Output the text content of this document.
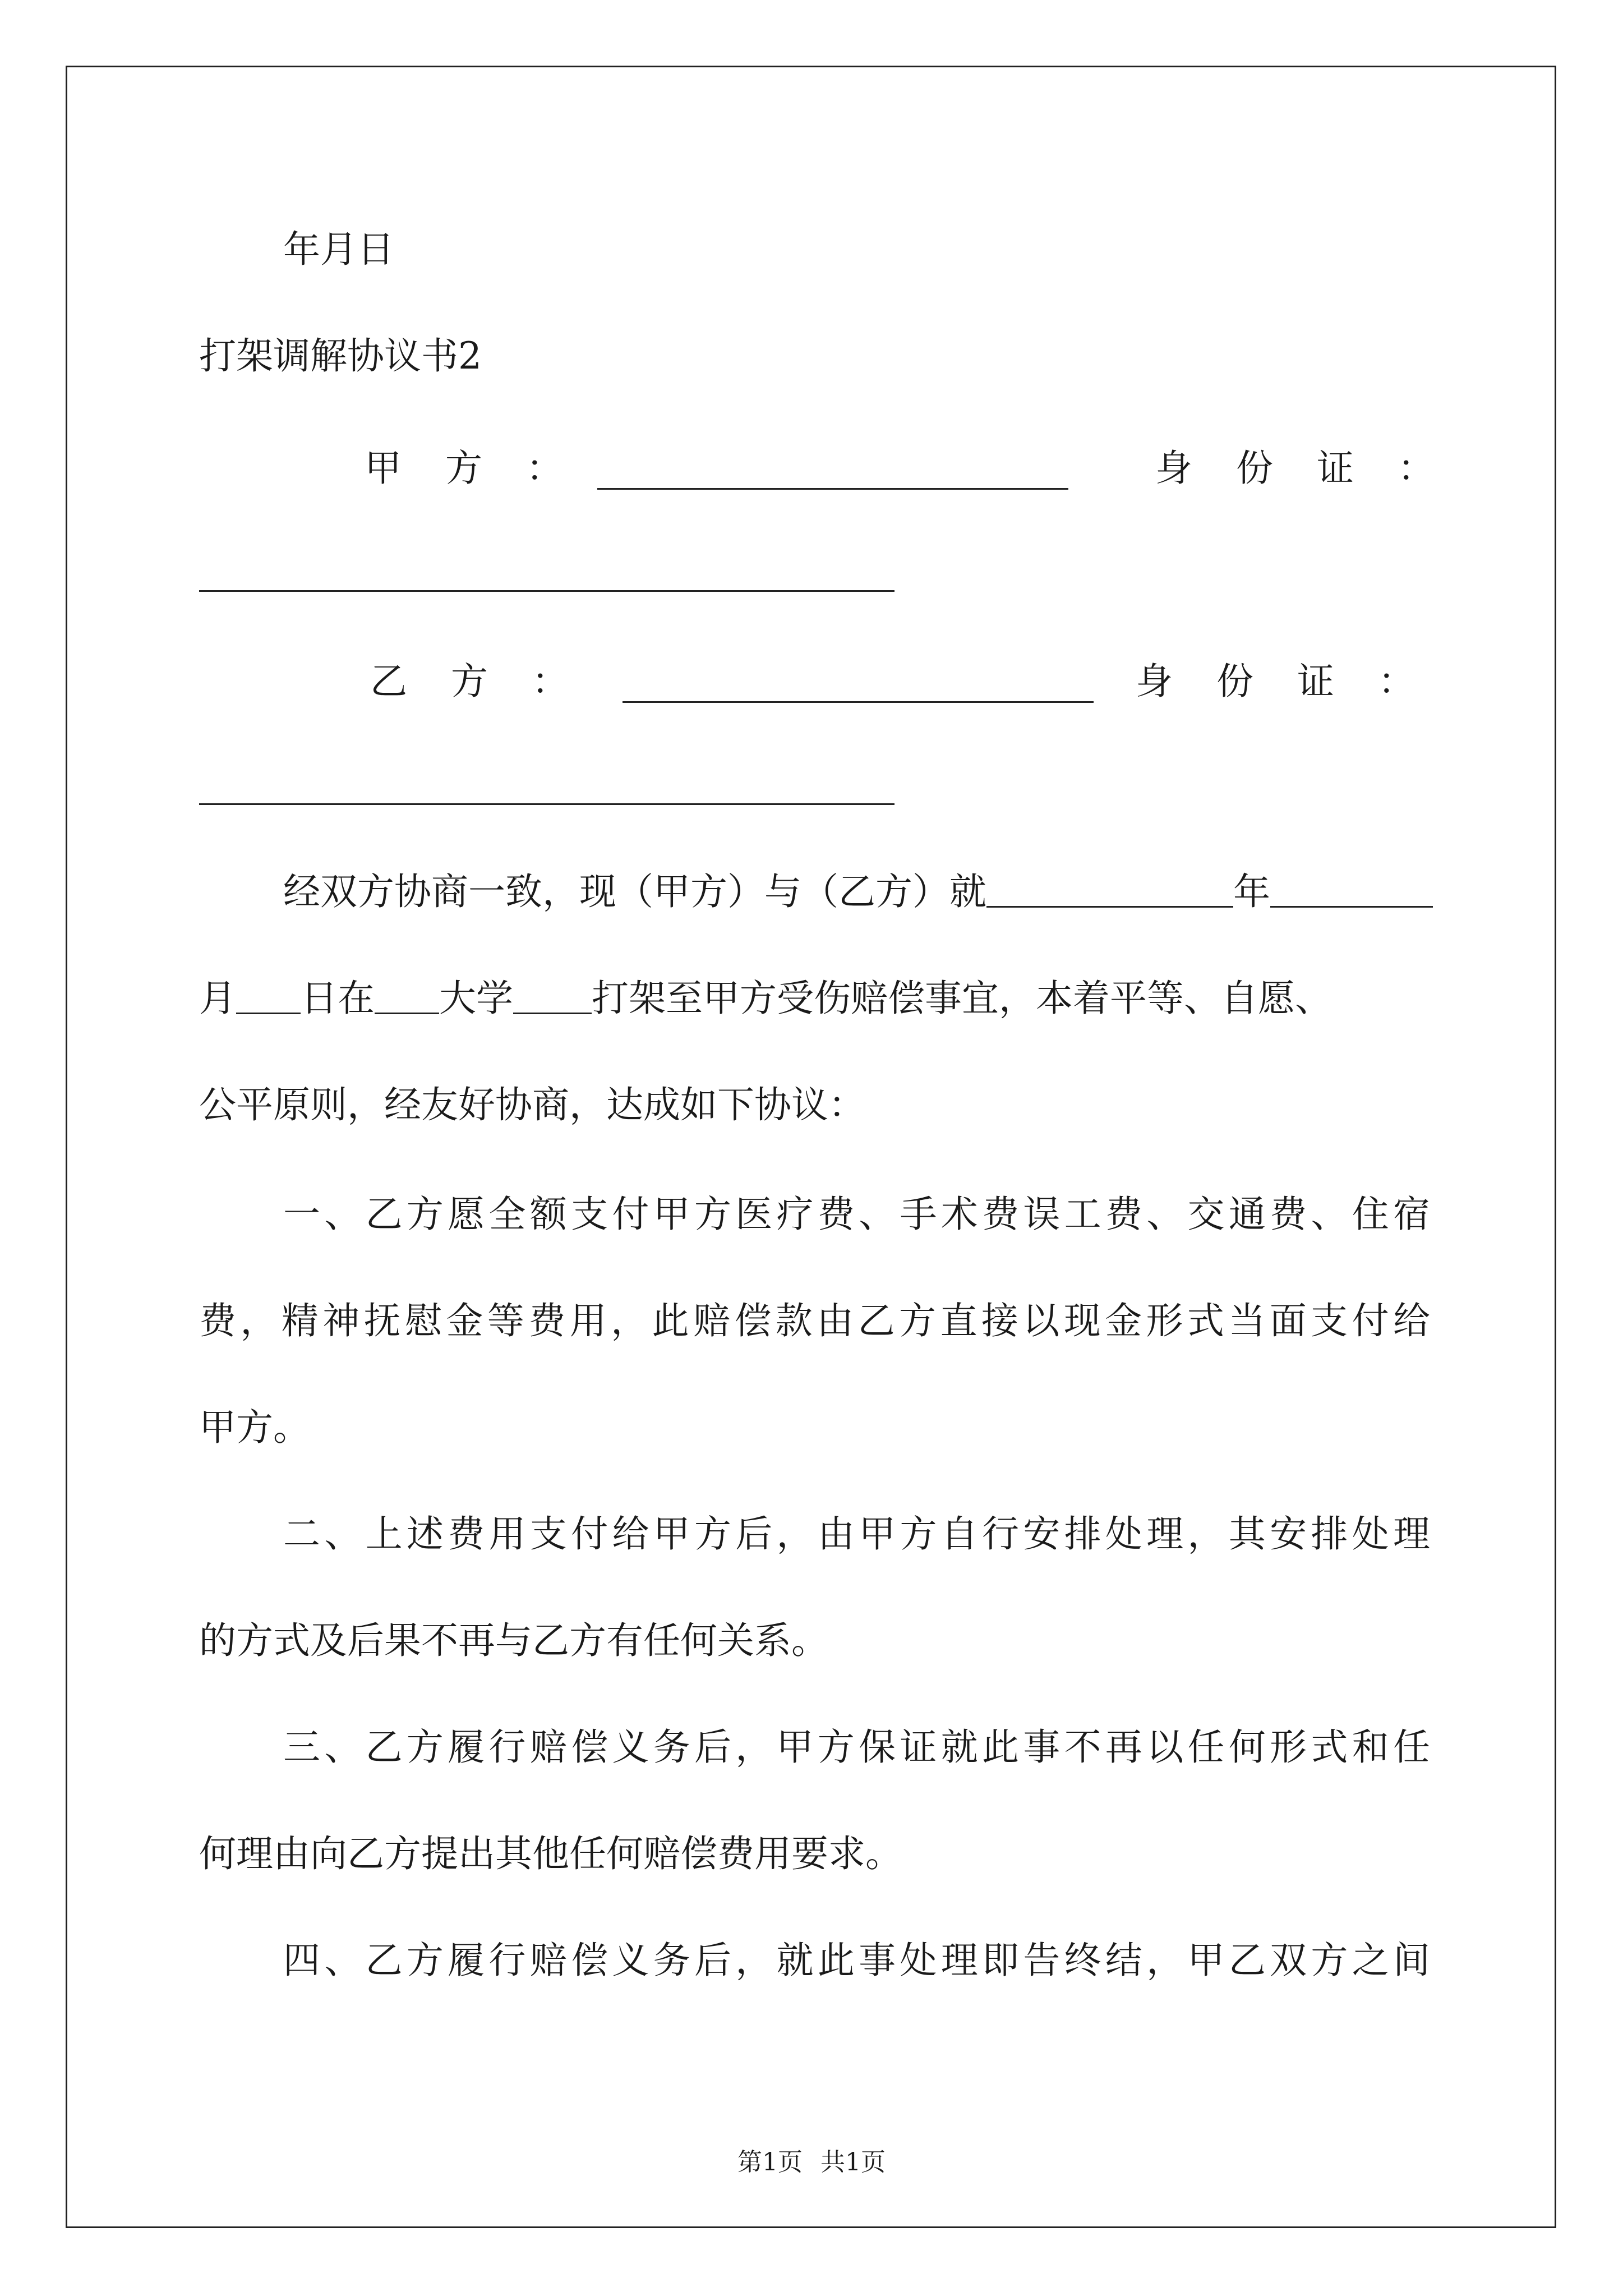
年月日
打架调解协议书2
甲方：	身份证：
乙方：	身份证：
经双方协商一致，现（甲方）与（乙方）就	年
月 日在 大学 打架至甲方受伤赔偿事宜，本着平等、自愿、
公平原则，经友好协商，达成如下协议：
一、乙方愿全额支付甲方医疗费、手术费误工费、交通费、住宿
费，精神抚慰金等费用，此赔偿款由乙方直接以现金形式当面支付给
甲方。
二、上述费用支付给甲方后，由甲方自行安排处理，其安排处理
的方式及后果不再与乙方有任何关系。
三、乙方履行赔偿义务后，甲方保证就此事不再以任何形式和任
何理由向乙方提出其他任何赔偿费用要求。
四、乙方履行赔偿义务后，就此事处理即告终结，甲乙双方之间
第1页 共1页
